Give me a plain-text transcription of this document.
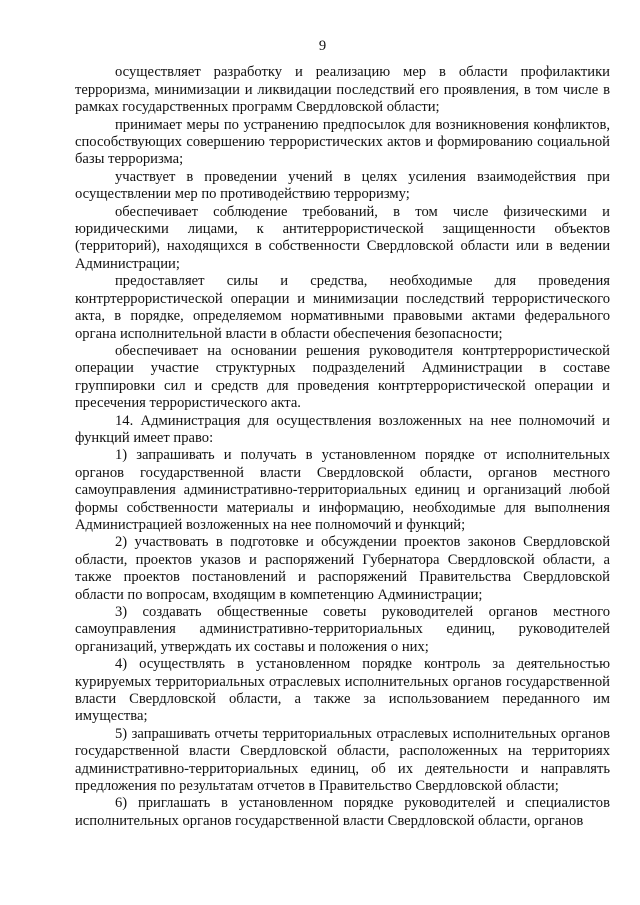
9

осуществляет разработку и реализацию мер в области профилактики терроризма, минимизации и ликвидации последствий его проявления, в том числе в рамках государственных программ Свердловской области;

принимает меры по устранению предпосылок для возникновения конфликтов, способствующих совершению террористических актов и формированию социальной базы терроризма;

участвует в проведении учений в целях усиления взаимодействия при осуществлении мер по противодействию терроризму;

обеспечивает соблюдение требований, в том числе физическими и юридическими лицами, к антитеррористической защищенности объектов (территорий), находящихся в собственности Свердловской области или в ведении Администрации;

предоставляет силы и средства, необходимые для проведения контртеррористической операции и минимизации последствий террористического акта, в порядке, определяемом нормативными правовыми актами федерального органа исполнительной власти в области обеспечения безопасности;

обеспечивает на основании решения руководителя контртеррористической операции участие структурных подразделений Администрации в составе группировки сил и средств для проведения контртеррористической операции и пресечения террористического акта.

14. Администрация для осуществления возложенных на нее полномочий и функций имеет право:

1) запрашивать и получать в установленном порядке от исполнительных органов государственной власти Свердловской области, органов местного самоуправления административно-территориальных единиц и организаций любой формы собственности материалы и информацию, необходимые для выполнения Администрацией возложенных на нее полномочий и функций;

2) участвовать в подготовке и обсуждении проектов законов Свердловской области, проектов указов и распоряжений Губернатора Свердловской области, а также проектов постановлений и распоряжений Правительства Свердловской области по вопросам, входящим в компетенцию Администрации;

3) создавать общественные советы руководителей органов местного самоуправления административно-территориальных единиц, руководителей организаций, утверждать их составы и положения о них;

4) осуществлять в установленном порядке контроль за деятельностью курируемых территориальных отраслевых исполнительных органов государственной власти Свердловской области, а также за использованием переданного им имущества;

5) запрашивать отчеты территориальных отраслевых исполнительных органов государственной власти Свердловской области, расположенных на территориях административно-территориальных единиц, об их деятельности и направлять предложения по результатам отчетов в Правительство Свердловской области;

6) приглашать в установленном порядке руководителей и специалистов исполнительных органов государственной власти Свердловской области, органов
